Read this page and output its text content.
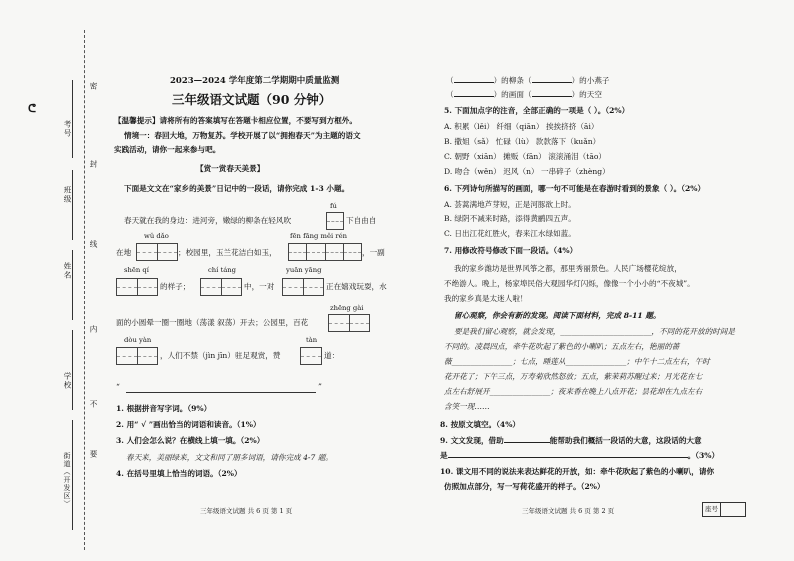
ᕦ
密
封
线
内
不
要
考号
班级
姓名
学校
街道（开发区）
2023—2024 学年度第二学期期中质量监测
三年级语文试题（90 分钟）
【温馨提示】请将所有的答案填写在答题卡相应位置，不要写到方框外。
情境一：春回大地，万物复苏。学校开展了以“拥抱春天”为主题的语文
实践活动，请你一起来参与吧。
【赏一赏春天美景】
下面是文文在“家乡的美景”日记中的一段话，请你完成 1-3 小题。
fú
春天就在我的身边：进河旁，嫩绿的柳条在轻风吹	下自由自
wǔ dǎo	fēn fāng měi rén
在地	；校园里，玉兰花洁白如玉，	，一副
shēn qí	chí táng	yuān yāng
的样子；	中，一对	正在嬉戏玩耍，水
zhēng gài
面的小圆晕一圈一圈地（荡漾 叙荡）开去；公园里，百花
dòu yàn	tàn
，人们不禁（jìn jīn）驻足观赏，赞	道：
“	”
1. 根据拼音写字词。（9%）
2. 用“ √ ”画出恰当的词语和读音。（1%）
3. 人们会怎么说？在横线上填一填。（2%）
春天来，美丽绿来，文文和同了朋多词语，请你完成 4-7 题。
4. 在括号里填上恰当的词语。（2%）
三年级语文试题 共 6 页 第 1 页
（	）的柳条（	）的小燕子
（	）的画面（	）的天空
5. 下面加点字的注音，全部正确的一项是（ ）。（2%）
A. 积累（lěi） 纤细（qiān） 挨挨挤挤（āi）
B. 撒姐（sǎ） 忙碌（lù） 款款落下（kuǎn）
C. 朝野（xiān） 摊贩（fān） 滚滚涌泪（tāo）
D. 吻合（wěn） 迟风（n） 一串碎子（zhèng）
6. 下列诗句所描写的画面，哪一句不可能是在春游时看到的景象（ ）。（2%）
A. 荟蒿满地芦芽短，正是河豚欲上时。
B. 绿阴不减来时路，添得黄鹂四五声。
C. 日出江花红胜火，春来江水绿如蓝。
7. 用修改符号修改下面一段话。（4%）
我的家乡潍坊是世界风筝之都，那里秀丽景色。人民广场樱花绽放，
不绝游人。晚上，杨家埠民俗大观园华灯闪烁，像像一个小小的“不夜城”。
我的家乡真是太迷人啦！
留心观察，你会有新的发现。阅读下面材料，完成 8-11 题。
要是我们留心观察，就会发现，________________________，不同的花开放的时间是
不同的。凌晨四点，牵牛花吹起了紫色的小喇叭；五点左右，艳丽的蔷
薇________________；七点，睡莲从________________；中午十二点左右，午时
花开花了；下午三点，万寿菊欣然怒放；五点，紫茉莉苏醒过来；月光花在七
点左右舒展开________________；夜来香在晚上八点开花；昙花却在九点左右
含笑一现……
8. 按原文填空。（4%）
9. 文文发现，借助	能帮助我们概括一段话的大意，这段话的大意
是	。（3%）
10. 课文用不同的说法来表达鲜花的开放，如：牵牛花吹起了紫色的小喇叭，请你
仿照加点部分，写一写荷花盛开的样子。（2%）
三年级语文试题 共 6 页 第 2 页	座号
